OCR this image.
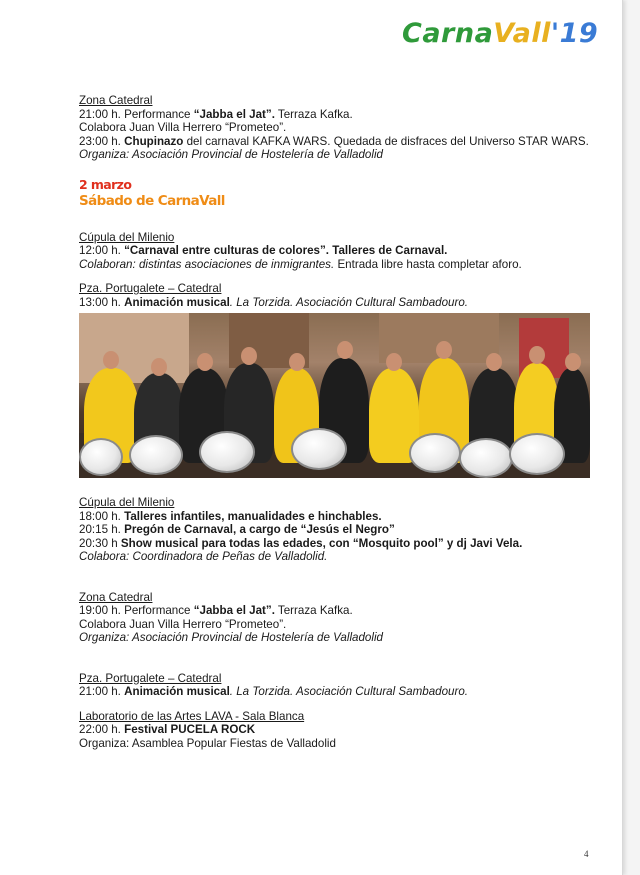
CarnaVall'19
Zona Catedral
21:00 h. Performance “Jabba el Jat”. Terraza Kafka.
Colabora Juan Villa Herrero “Prometeo”.
23:00 h. Chupinazo del carnaval KAFKA WARS. Quedada de disfraces del Universo STAR WARS.
Organiza: Asociación Provincial de Hostelería de Valladolid
2 marzo
Sábado de CarnaVall
Cúpula del Milenio
12:00 h. “Carnaval entre culturas de colores”. Talleres de Carnaval.
Colaboran: distintas asociaciones de inmigrantes. Entrada libre hasta completar aforo.
Pza. Portugalete – Catedral
13:00 h. Animación musical. La Torzida. Asociación Cultural Sambadouro.
Cúpula del Milenio
18:00 h. Talleres infantiles, manualidades e hinchables.
20:15 h. Pregón de Carnaval, a cargo de “Jesús el Negro”
20:30 h Show musical para todas las edades, con “Mosquito pool” y dj Javi Vela.
Colabora: Coordinadora de Peñas de Valladolid.
Zona Catedral
19:00 h. Performance “Jabba el Jat”. Terraza Kafka.
Colabora Juan Villa Herrero “Prometeo”.
Organiza: Asociación Provincial de Hostelería de Valladolid
Pza. Portugalete – Catedral
21:00 h. Animación musical. La Torzida. Asociación Cultural Sambadouro.
Laboratorio de las Artes LAVA - Sala Blanca
22:00 h. Festival PUCELA ROCK
Organiza: Asamblea Popular Fiestas de Valladolid
4
